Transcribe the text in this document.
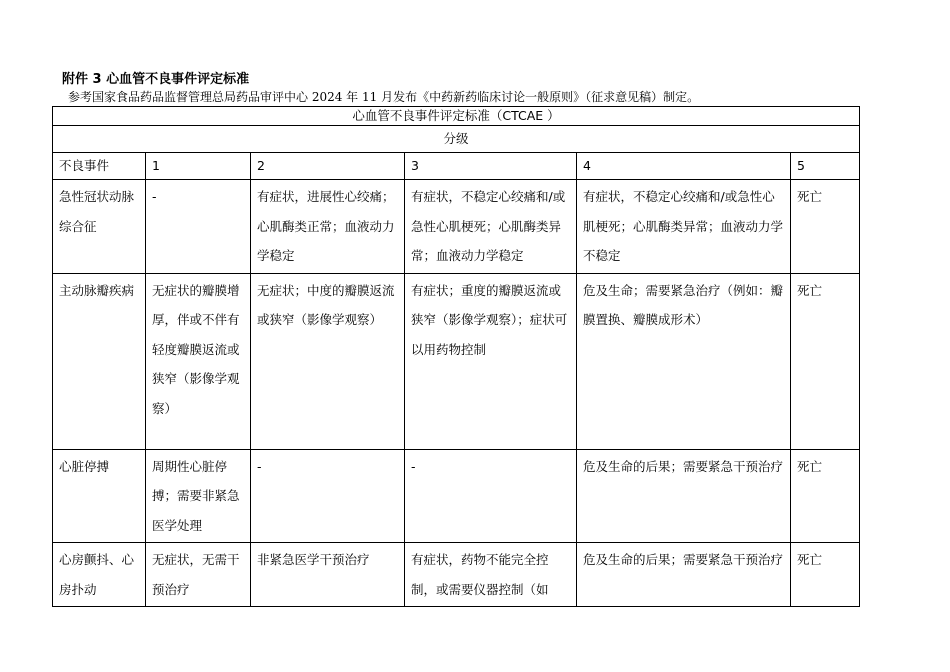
附件 3 心血管不良事件评定标准
参考国家食品药品监督管理总局药品审评中心 2024 年 11 月发布《中药新药临床讨论一般原则》（征求意见稿）制定。
心血管不良事件评定标准（CTCAE ）					
分级					
不良事件	1	2	3	4	5
急性冠状动脉综合征	-	有症状，进展性心绞痛；心肌酶类正常；血液动力学稳定	有症状，不稳定心绞痛和/或急性心肌梗死；心肌酶类异常；血液动力学稳定	有症状，不稳定心绞痛和/或急性心肌梗死；心肌酶类异常；血液动力学不稳定	死亡
主动脉瓣疾病	无症状的瓣膜增厚，伴或不伴有轻度瓣膜返流或狭窄（影像学观察）	无症状；中度的瓣膜返流或狭窄（影像学观察）	有症状；重度的瓣膜返流或狭窄（影像学观察）；症状可以用药物控制	危及生命；需要紧急治疗（例如：瓣膜置换、瓣膜成形术）	死亡
心脏停搏	周期性心脏停搏；需要非紧急医学处理	-	-	危及生命的后果；需要紧急干预治疗	死亡
心房颤抖、心房扑动	无症状，无需干预治疗	非紧急医学干预治疗	有症状，药物不能完全控制，或需要仪器控制（如	危及生命的后果；需要紧急干预治疗	死亡
